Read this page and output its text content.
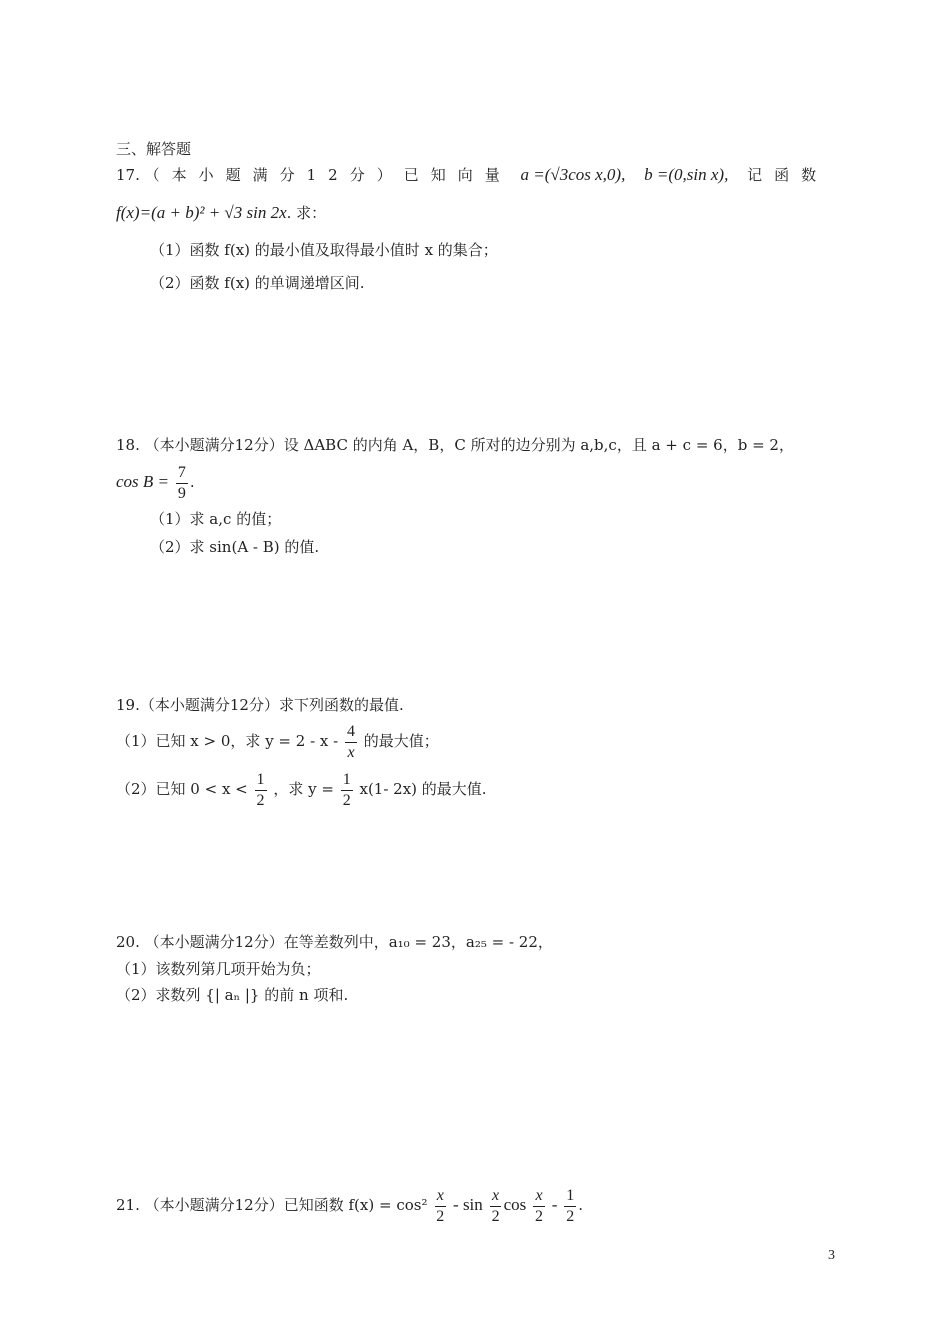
三、解答题
17. （本小题满分12分）已知向量 a =(√3cos x,0), b =(0,sin x), 记函数
f(x)=(a + b)² + √3 sin 2x. 求：
（1）函数 f(x) 的最小值及取得最小值时 x 的集合；
（2）函数 f(x) 的单调递增区间.
18. （本小题满分12分）设 ΔABC 的内角 A，B，C 所对的边分别为 a,b,c，且 a + c = 6，b = 2，
$\cos B = \frac{7}{9}$ .
（1）求 a,c 的值；
（2）求 sin(A - B) 的值.
19.（本小题满分12分）求下列函数的最值.
（1）已知 x > 0，求 $y = 2 - x - \frac{4}{x}$ 的最大值；
（2）已知 $0 < x < \frac{1}{2}$ ，求 $y = \frac{1}{2} x(1-$ 2x) 的最大值.
20. （本小题满分12分）在等差数列中，a₁₀ = 23，a₂₅ = - 22，
（1）该数列第几项开始为负；
（2）求数列 {| aₙ |} 的前 n 项和.
21. （本小题满分12分）已知函数 $f(x) = \cos^2 \frac{x}{2} - \sin \frac{x}{2}$ $\cos \frac{x}{2} - \frac{1}{2}$ .
3
